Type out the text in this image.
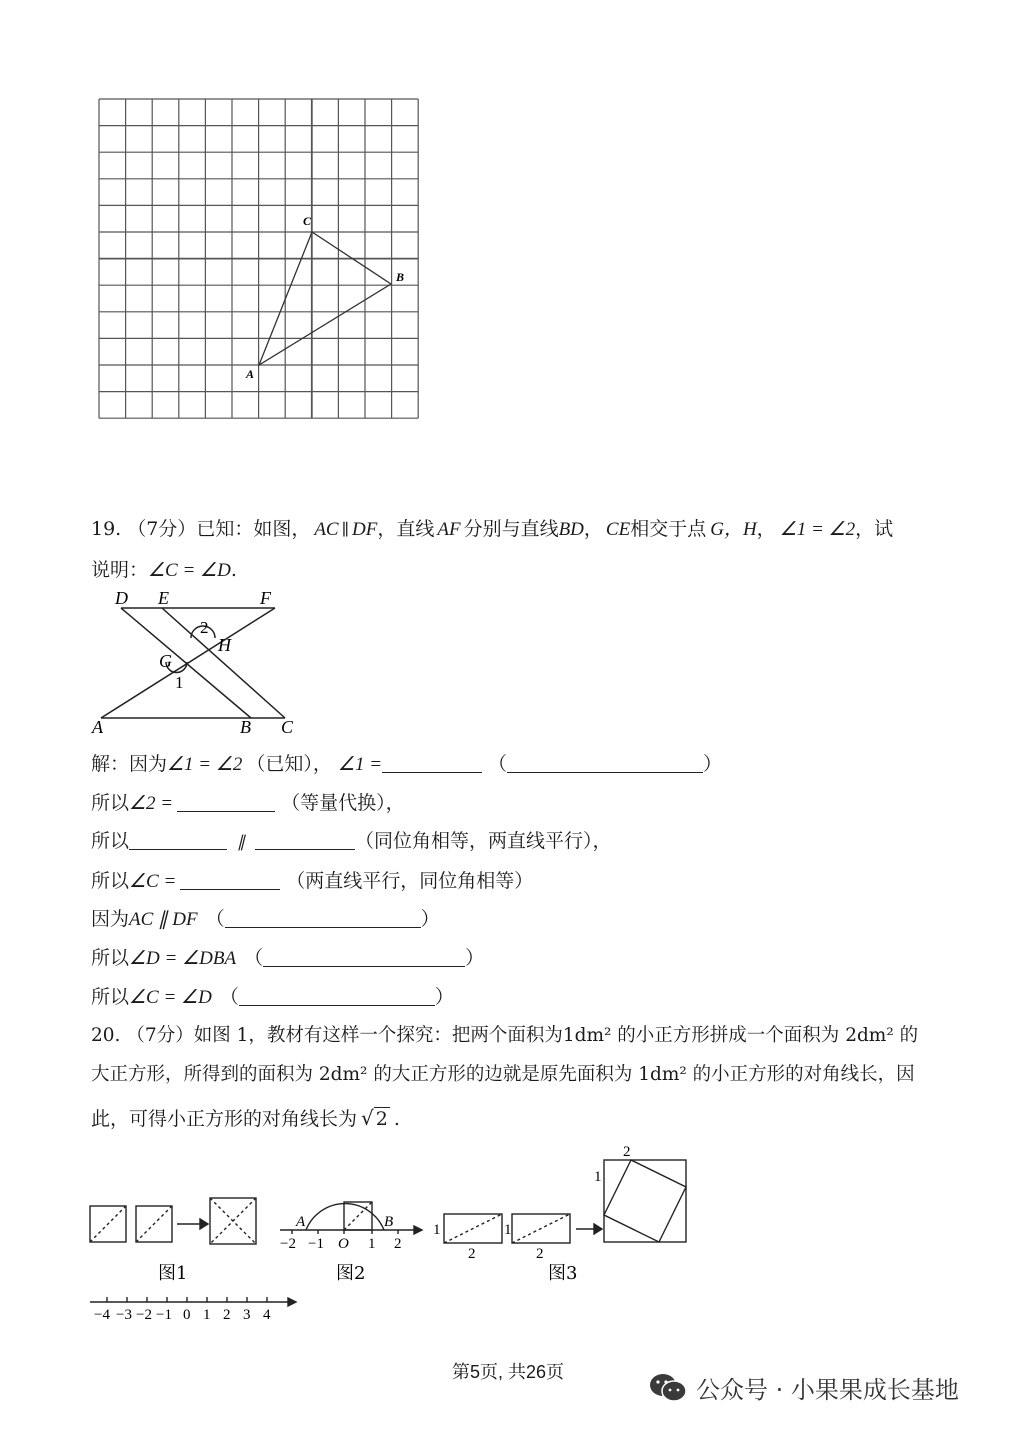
C
B
A
19. （7分）已知：如图， AC ∥ DF，直线 AF 分别与直线BD， CE相交于点 G，H， ∠1 = ∠2，试
说明：∠C = ∠D.
D E	F
2
H
G
1
A	B C
解：因为∠1 = ∠2 （已知）， ∠1 =	（	）
所以∠2 =	（等量代换），
所以	∥	（同位角相等，两直线平行），
所以∠C =	（两直线平行，同位角相等）
因为AC ∥ DF （	）
所以∠D = ∠DBA （	）
所以∠C = ∠D （	）
20. （7分）如图 1，教材有这样一个探究：把两个面积为1dm² 的小正方形拼成一个面积为 2dm² 的
大正方形，所得到的面积为 2dm² 的大正方形的边就是原先面积为 1dm² 的小正方形的对角线长，因
此，可得小正方形的对角线长为 √ 2 .
图1
A	B
−2 −1 O 1 2
图2
1
2
1
2
2
1
图3
−4 −3 −2 −1 0 1 2 3 4
第5页, 共26页
公众号 · 小果果成长基地
